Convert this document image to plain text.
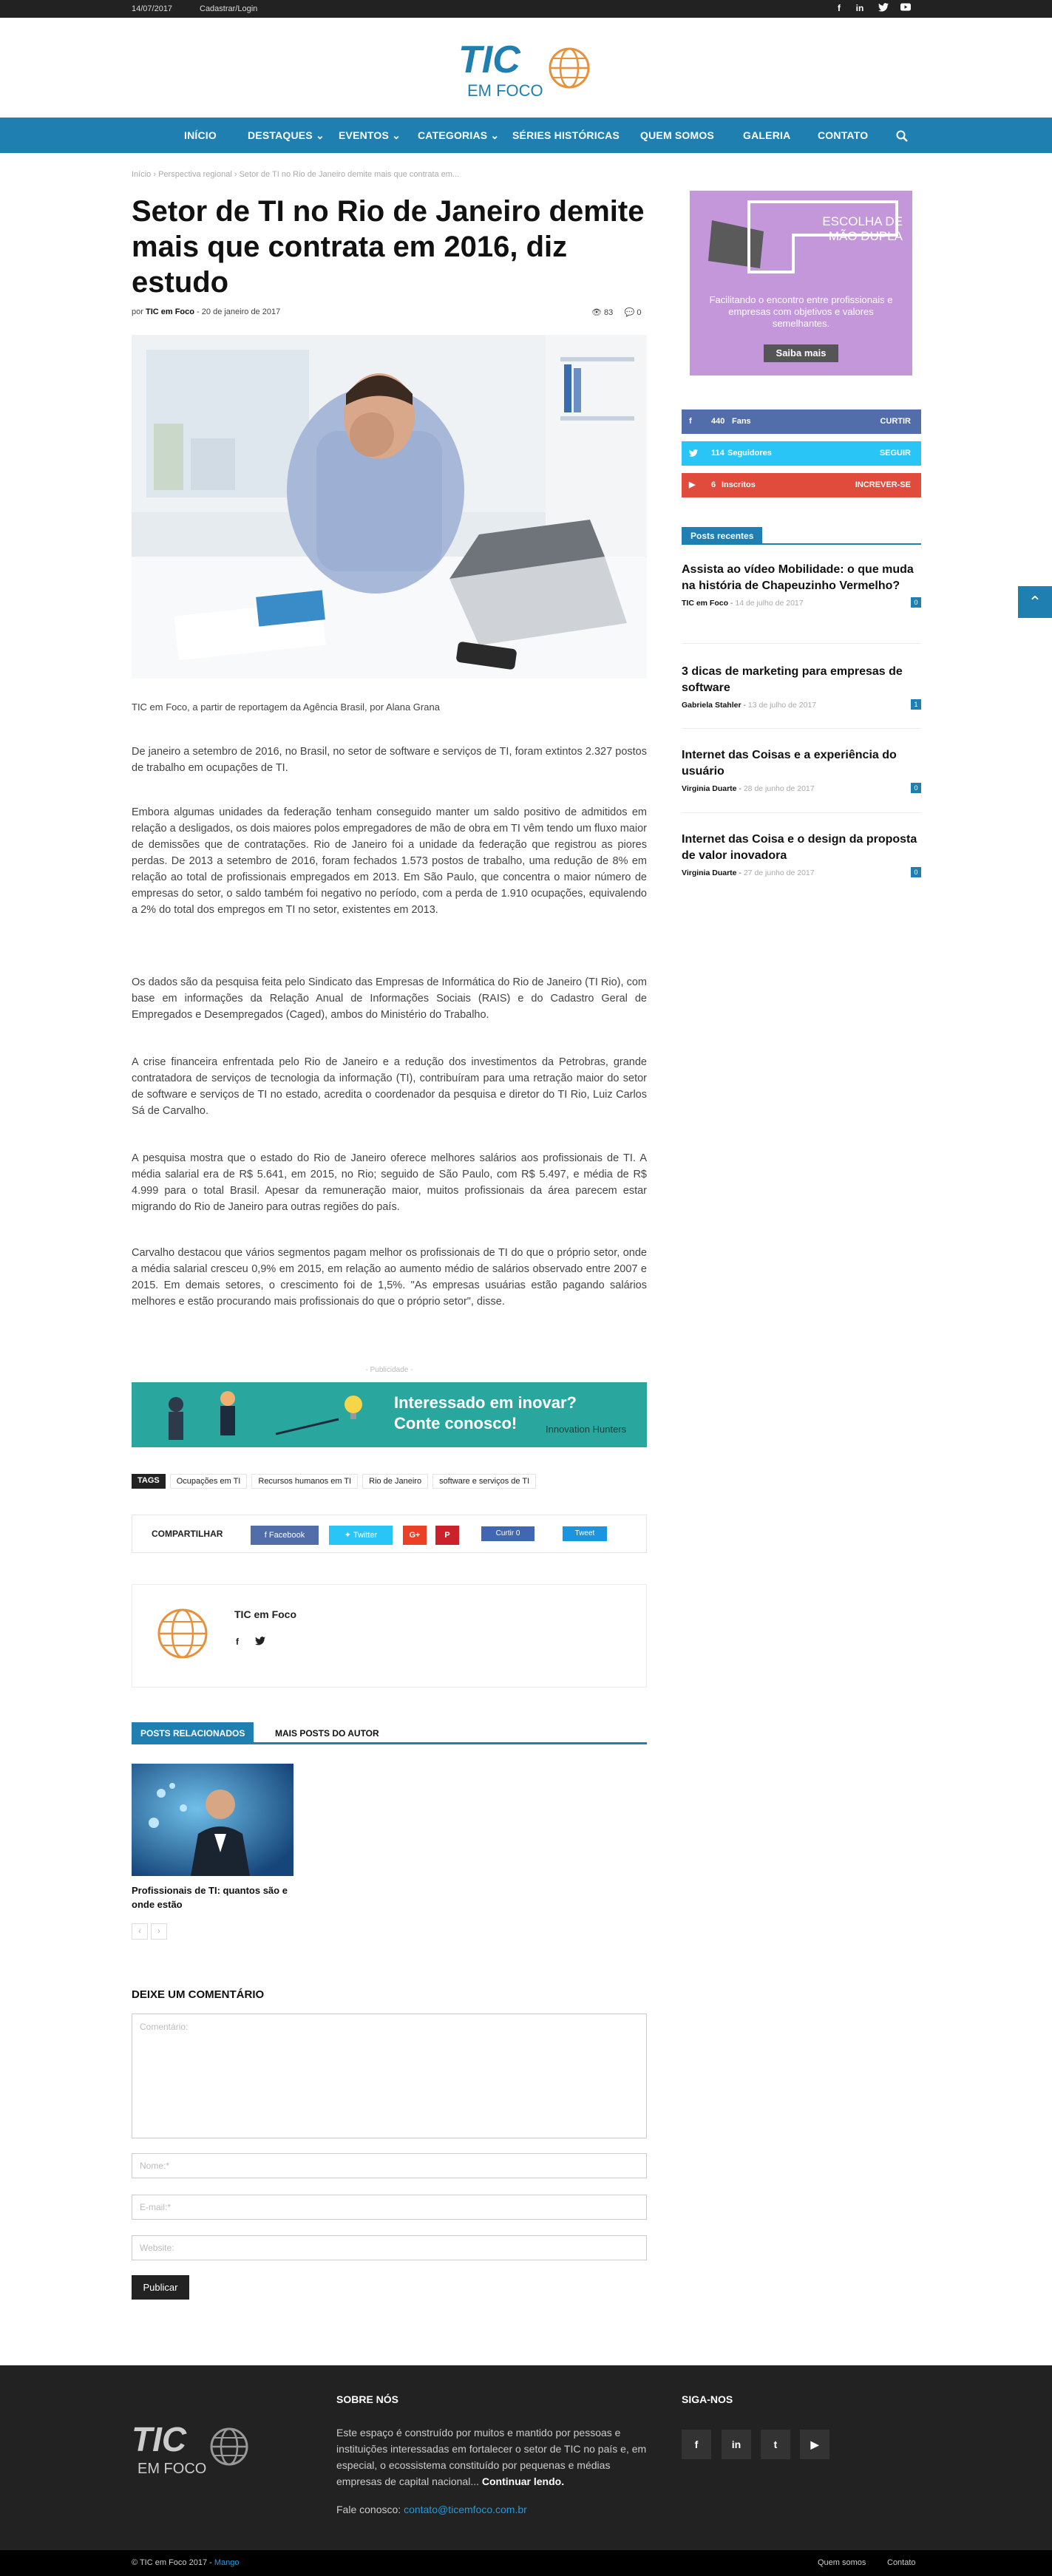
14/07/2017	Cadastrar/Login	f	in
TIC
EM FOCO
INÍCIO	DESTAQUES ⌄ EVENTOS ⌄ CATEGORIAS ⌄ SÉRIES HISTÓRICAS QUEM SOMOS	GALERIA	CONTATO
Início › Perspectiva regional › Setor de TI no Rio de Janeiro demite mais que contrata em...
Setor de TI no Rio de Janeiro demite mais que contrata em 2016, diz estudo
por TIC em Foco - 20 de janeiro de 2017	👁 83 💬 0
TIC em Foco, a partir de reportagem da Agência Brasil, por Alana Grana

De janeiro a setembro de 2016, no Brasil, no setor de software e serviços de TI, foram extintos 2.327 postos de trabalho em ocupações de TI.

Embora algumas unidades da federação tenham conseguido manter um saldo positivo de admitidos em relação a desligados, os dois maiores polos empregadores de mão de obra em TI vêm tendo um fluxo maior de demissões que de contratações. Rio de Janeiro foi a unidade da federação que registrou as piores perdas. De 2013 a setembro de 2016, foram fechados 1.573 postos de trabalho, uma redução de 8% em relação ao total de profissionais empregados em 2013. Em São Paulo, que concentra o maior número de empresas do setor, o saldo também foi negativo no período, com a perda de 1.910 ocupações, equivalendo a 2% do total dos empregos em TI no setor, existentes em 2013.

Os dados são da pesquisa feita pelo Sindicato das Empresas de Informática do Rio de Janeiro (TI Rio), com base em informações da Relação Anual de Informações Sociais (RAIS) e do Cadastro Geral de Empregados e Desempregados (Caged), ambos do Ministério do Trabalho.

A crise financeira enfrentada pelo Rio de Janeiro e a redução dos investimentos da Petrobras, grande contratadora de serviços de tecnologia da informação (TI), contribuíram para uma retração maior do setor de software e serviços de TI no estado, acredita o coordenador da pesquisa e diretor do TI Rio, Luiz Carlos Sá de Carvalho.

A pesquisa mostra que o estado do Rio de Janeiro oferece melhores salários aos profissionais de TI. A média salarial era de R$ 5.641, em 2015, no Rio; seguido de São Paulo, com R$ 5.497, e média de R$ 4.999 para o total Brasil. Apesar da remuneração maior, muitos profissionais da área parecem estar migrando do Rio de Janeiro para outras regiões do país.

Carvalho destacou que vários segmentos pagam melhor os profissionais de TI do que o próprio setor, onde a média salarial cresceu 0,9% em 2015, em relação ao aumento médio de salários observado entre 2007 e 2015. Em demais setores, o crescimento foi de 1,5%. "As empresas usuárias estão pagando salários melhores e estão procurando mais profissionais do que o próprio setor", disse.

- Publicidade -
Interessado em inovar?
Conte conosco!	Innovation Hunters
TAGS	Ocupações em TI	Recursos humanos em TI	Rio de Janeiro	software e serviços de TI
COMPARTILHAR	f Facebook	✦ Twitter	G+	P	Curtir 0	Tweet
TIC em Foco
f
POSTS RELACIONADOS	MAIS POSTS DO AUTOR
Profissionais de TI: quantos são e onde estão
‹	›
DEIXE UM COMENTÁRIO
Comentário:
Nome:*
E-mail:*
Website:
Publicar
ESCOLHA DE
MÃO DUPLA
Facilitando o encontro entre profissionais e empresas com objetivos e valores semelhantes.
Saiba mais
f 440 Fans	CURTIR
114 Seguidores	SEGUIR
▶ 6 Inscritos	INCREVER-SE
Posts recentes
Assista ao vídeo Mobilidade: o que muda na história de Chapeuzinho Vermelho?
TIC em Foco - 14 de julho de 2017	0
3 dicas de marketing para empresas de software
Gabriela Stahler - 13 de julho de 2017	1
Internet das Coisas e a experiência do usuário
Virginia Duarte - 28 de junho de 2017	0
Internet das Coisa e o design da proposta de valor inovadora
Virginia Duarte - 27 de junho de 2017	0
⌃
TIC
EM FOCO
SOBRE NÓS
Este espaço é construído por muitos e mantido por pessoas e instituições interessadas em fortalecer o setor de TIC no país e, em especial, o ecossistema constituído por pequenas e médias empresas de capital nacional... Continuar lendo.
Fale conosco: contato@ticemfoco.com.br
SIGA-NOS
f	in	t	▶
© TIC em Foco 2017 - Mango	Quem somos	Contato
